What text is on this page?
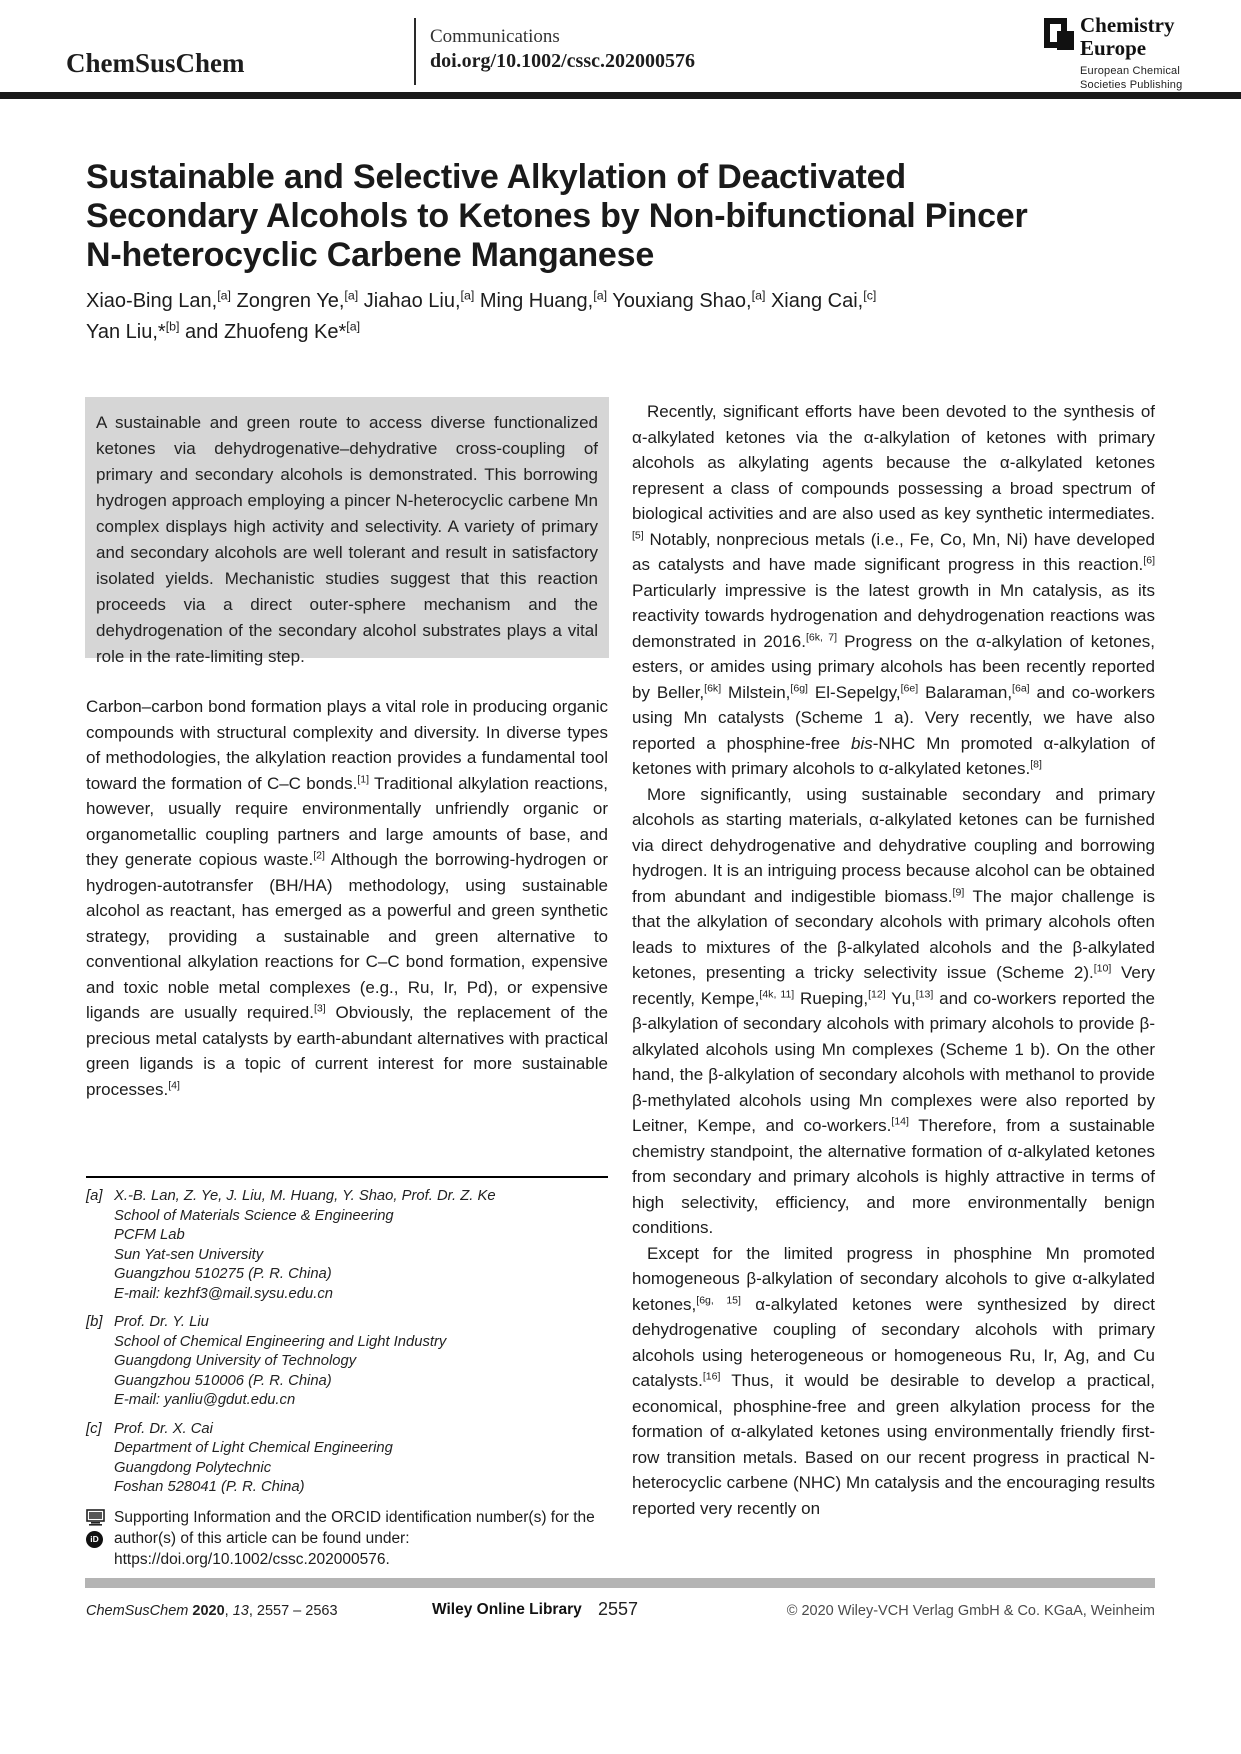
ChemSusChem
Communications
doi.org/10.1002/cssc.202000576
Chemistry
Europe
European Chemical
Societies Publishing
Sustainable and Selective Alkylation of Deactivated
Secondary Alcohols to Ketones by Non-bifunctional Pincer
N-heterocyclic Carbene Manganese
Xiao-Bing Lan,[a] Zongren Ye,[a] Jiahao Liu,[a] Ming Huang,[a] Youxiang Shao,[a] Xiang Cai,[c]
Yan Liu,*[b] and Zhuofeng Ke*[a]

A sustainable and green route to access diverse functionalized ketones via dehydrogenative–dehydrative cross-coupling of primary and secondary alcohols is demonstrated. This borrowing hydrogen approach employing a pincer N-heterocyclic carbene Mn complex displays high activity and selectivity. A variety of primary and secondary alcohols are well tolerant and result in satisfactory isolated yields. Mechanistic studies suggest that this reaction proceeds via a direct outer-sphere mechanism and the dehydrogenation of the secondary alcohol substrates plays a vital role in the rate-limiting step.

Carbon–carbon bond formation plays a vital role in producing organic compounds with structural complexity and diversity. In diverse types of methodologies, the alkylation reaction provides a fundamental tool toward the formation of C–C bonds.[1] Traditional alkylation reactions, however, usually require environmentally unfriendly organic or organometallic coupling partners and large amounts of base, and they generate copious waste.[2] Although the borrowing-hydrogen or hydrogen-autotransfer (BH/HA) methodology, using sustainable alcohol as reactant, has emerged as a powerful and green synthetic strategy, providing a sustainable and green alternative to conventional alkylation reactions for C–C bond formation, expensive and toxic noble metal complexes (e.g., Ru, Ir, Pd), or expensive ligands are usually required.[3] Obviously, the replacement of the precious metal catalysts by earth-abundant alternatives with practical green ligands is a topic of current interest for more sustainable processes.[4]

Recently, significant efforts have been devoted to the synthesis of α-alkylated ketones via the α-alkylation of ketones with primary alcohols as alkylating agents because the α-alkylated ketones represent a class of compounds possessing a broad spectrum of biological activities and are also used as key synthetic intermediates.[5] Notably, nonprecious metals (i.e., Fe, Co, Mn, Ni) have developed as catalysts and have made significant progress in this reaction.[6] Particularly impressive is the latest growth in Mn catalysis, as its reactivity towards hydrogenation and dehydrogenation reactions was demonstrated in 2016.[6k, 7] Progress on the α-alkylation of ketones, esters, or amides using primary alcohols has been recently reported by Beller,[6k] Milstein,[6g] El-Sepelgy,[6e] Balaraman,[6a] and co-workers using Mn catalysts (Scheme 1 a). Very recently, we have also reported a phosphine-free bis-NHC Mn promoted α-alkylation of ketones with primary alcohols to α-alkylated ketones.[8]

More significantly, using sustainable secondary and primary alcohols as starting materials, α-alkylated ketones can be furnished via direct dehydrogenative and dehydrative coupling and borrowing hydrogen. It is an intriguing process because alcohol can be obtained from abundant and indigestible biomass.[9] The major challenge is that the alkylation of secondary alcohols with primary alcohols often leads to mixtures of the β-alkylated alcohols and the β-alkylated ketones, presenting a tricky selectivity issue (Scheme 2).[10] Very recently, Kempe,[4k, 11] Rueping,[12] Yu,[13] and co-workers reported the β-alkylation of secondary alcohols with primary alcohols to provide β-alkylated alcohols using Mn complexes (Scheme 1 b). On the other hand, the β-alkylation of secondary alcohols with methanol to provide β-methylated alcohols using Mn complexes were also reported by Leitner, Kempe, and co-workers.[14] Therefore, from a sustainable chemistry standpoint, the alternative formation of α-alkylated ketones from secondary and primary alcohols is highly attractive in terms of high selectivity, efficiency, and more environmentally benign conditions.

Except for the limited progress in phosphine Mn promoted homogeneous β-alkylation of secondary alcohols to give α-alkylated ketones,[6g, 15] α-alkylated ketones were synthesized by direct dehydrogenative coupling of secondary alcohols with primary alcohols using heterogeneous or homogeneous Ru, Ir, Ag, and Cu catalysts.[16] Thus, it would be desirable to develop a practical, economical, phosphine-free and green alkylation process for the formation of α-alkylated ketones using environmentally friendly first-row transition metals. Based on our recent progress in practical N-heterocyclic carbene (NHC) Mn catalysis and the encouraging results reported very recently on

[a] X.-B. Lan, Z. Ye, J. Liu, M. Huang, Y. Shao, Prof. Dr. Z. Ke
School of Materials Science & Engineering
PCFM Lab
Sun Yat-sen University
Guangzhou 510275 (P. R. China)
E-mail: kezhf3@mail.sysu.edu.cn
[b] Prof. Dr. Y. Liu
School of Chemical Engineering and Light Industry
Guangdong University of Technology
Guangzhou 510006 (P. R. China)
E-mail: yanliu@gdut.edu.cn
[c] Prof. Dr. X. Cai
Department of Light Chemical Engineering
Guangdong Polytechnic
Foshan 528041 (P. R. China)
iD
Supporting Information and the ORCID identification number(s) for the author(s) of this article can be found under:
https://doi.org/10.1002/cssc.202000576.
ChemSusChem 2020, 13, 2557 – 2563	Wiley Online Library 2557	© 2020 Wiley-VCH Verlag GmbH & Co. KGaA, Weinheim
